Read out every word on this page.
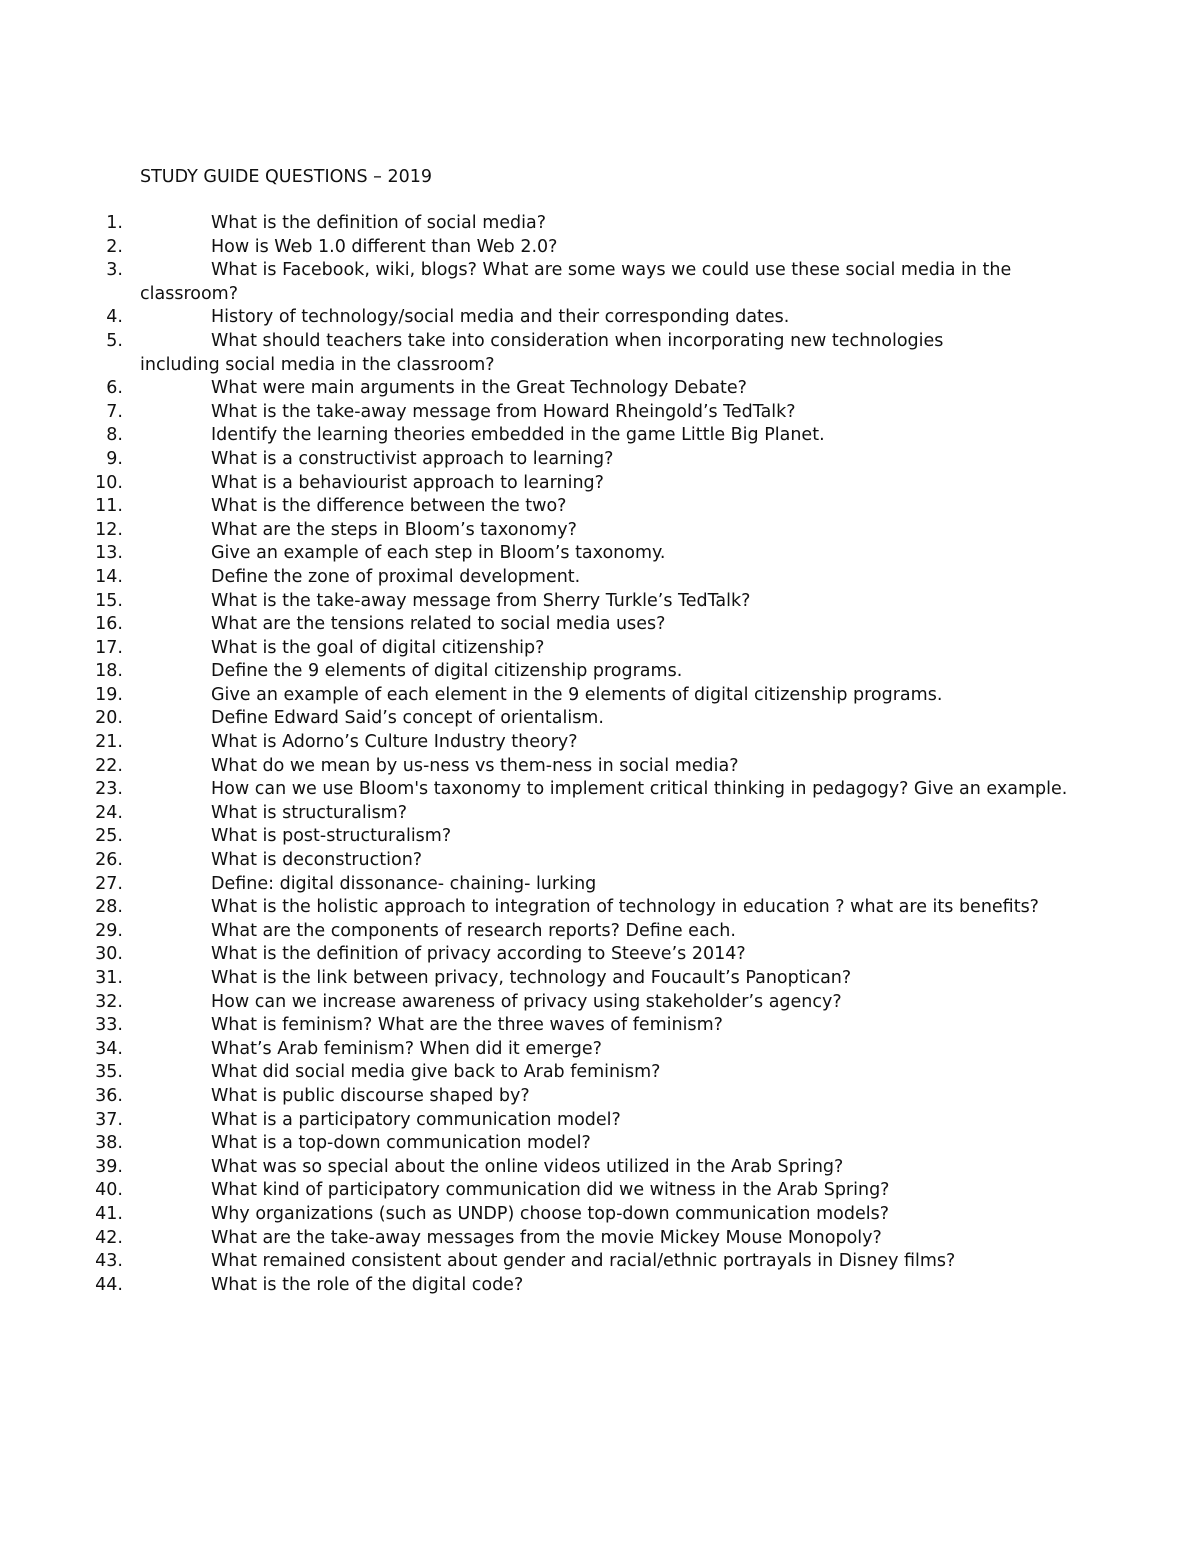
STUDY GUIDE QUESTIONS – 2019
1.	What is the definition of social media?
2.	How is Web 1.0 different than Web 2.0?
3.	What is Facebook, wiki, blogs? What are some ways we could use these social media in the classroom?
4.	History of technology/social media and their corresponding dates.
5.	What should teachers take into consideration when incorporating new technologies including social media in the classroom?
6.	What were main arguments in the Great Technology Debate?
7.	What is the take-away message from Howard Rheingold’s TedTalk?
8.	Identify the learning theories embedded in the game Little Big Planet.
9.	What is a constructivist approach to learning?
10.	What is a behaviourist approach to learning?
11.	What is the difference between the two?
12.	What are the steps in Bloom’s taxonomy?
13.	Give an example of each step in Bloom’s taxonomy.
14.	Define the zone of proximal development.
15.	What is the take-away message from Sherry Turkle’s TedTalk?
16.	What are the tensions related to social media uses?
17.	What is the goal of digital citizenship?
18.	Define the 9 elements of digital citizenship programs.
19.	Give an example of each element in the 9 elements of digital citizenship programs.
20.	Define Edward Said’s concept of orientalism.
21.	What is Adorno’s Culture Industry theory?
22.	What do we mean by us-ness vs them-ness in social media?
23.	How can we use Bloom's taxonomy to implement critical thinking in pedagogy? Give an example.
24.	What is structuralism?
25.	What is post-structuralism?
26.	What is deconstruction?
27.	Define: digital dissonance- chaining- lurking
28.	What is the holistic approach to integration of technology in education ? what are its benefits?
29.	What are the components of research reports? Define each.
30.	What is the definition of privacy according to Steeve’s 2014?
31.	What is the link between privacy, technology and Foucault’s Panoptican?
32.	How can we increase awareness of privacy using stakeholder’s agency?
33.	What is feminism? What are the three waves of feminism?
34.	What’s Arab feminism? When did it emerge?
35.	What did social media give back to Arab feminism?
36.	What is public discourse shaped by?
37.	What is a participatory communication model?
38.	What is a top-down communication model?
39.	What was so special about the online videos utilized in the Arab Spring?
40.	What kind of participatory communication did we witness in the Arab Spring?
41.	Why organizations (such as UNDP) choose top-down communication models?
42.	What are the take-away messages from the movie Mickey Mouse Monopoly?
43.	What remained consistent about gender and racial/ethnic portrayals in Disney films?
44.	What is the role of the digital code?
